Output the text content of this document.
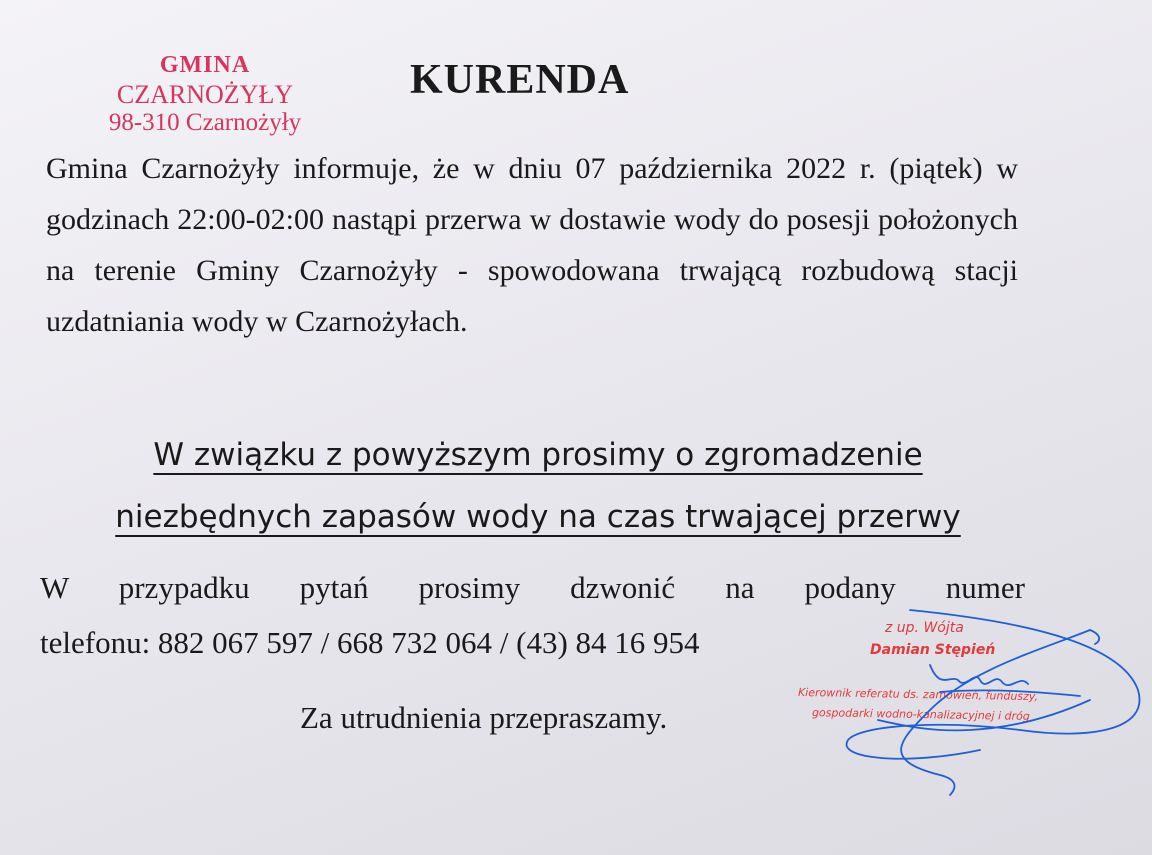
GMINA
CZARNOŻYŁY
98-310 Czarnożyły
KURENDA
Gmina Czarnożyły informuje, że w dniu 07 października 2022 r. (piątek) w godzinach 22:00-02:00 nastąpi przerwa w dostawie wody do posesji położonych na terenie Gminy Czarnożyły - spowodowana trwającą rozbudową stacji uzdatniania wody w Czarnożyłach.
W związku z powyższym prosimy o zgromadzenie
niezbędnych zapasów wody na czas trwającej przerwy
W przypadku pytań prosimy dzwonić na podany numer
telefonu: 882 067 597 / 668 732 064 / (43) 84 16 954
Za utrudnienia przepraszamy.
z up. Wójta
Damian Stępień
Kierownik referatu ds. zamówień, funduszy,
gospodarki wodno-kanalizacyjnej i dróg
